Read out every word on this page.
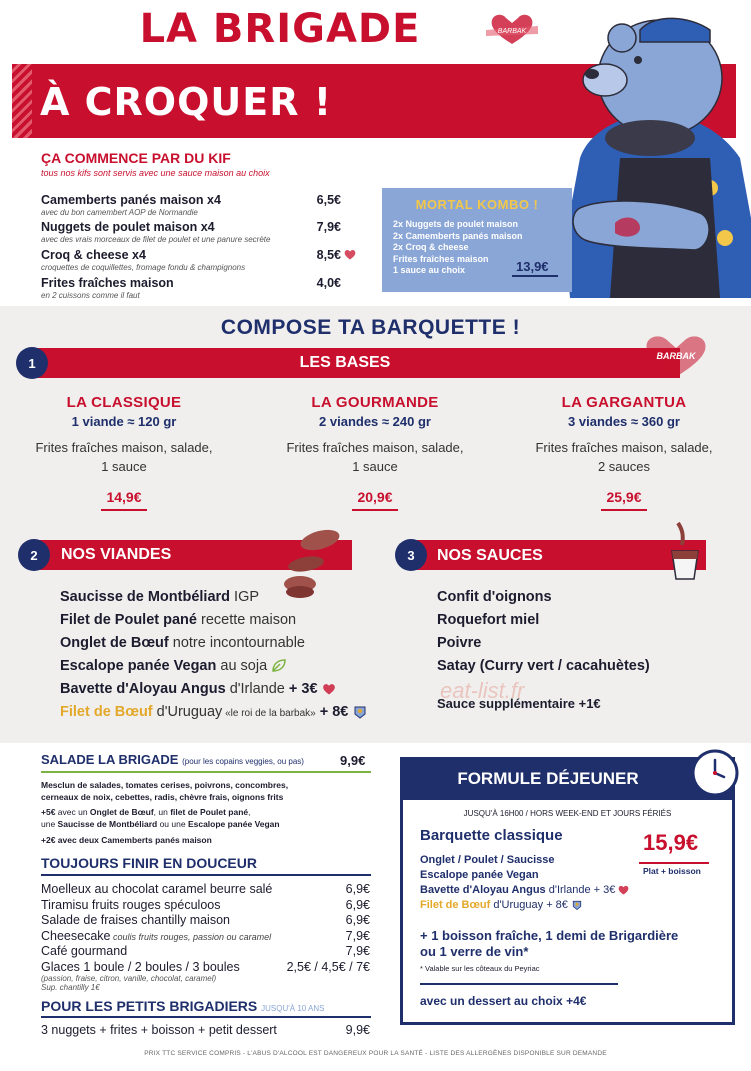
LA BRIGADE	BARBAK
À CROQUER !
ÇA COMMENCE PAR DU KIF
tous nos kifs sont servis avec une sauce maison au choix
Camemberts panés maison x4
avec du bon camembert AOP de Normandie
6,5€
Nuggets de poulet maison x4
avec des vrais morceaux de filet de poulet et une panure secrète
7,9€
Croq & cheese x4
croquettes de coquillettes, fromage fondu & champignons
8,5€
Frites fraîches maison
en 2 cuissons comme il faut
4,0€
MORTAL KOMBO !
2x Nuggets de poulet maison
2x Camemberts panés maison
2x Croq & cheese
Frites fraîches maison
1 sauce au choix	13,9€
COMPOSE TA BARQUETTE !
1	LES BASES	BARBAK
LA CLASSIQUE
1 viande ≈ 120 gr
Frites fraîches maison, salade,
1 sauce
14,9€
LA GOURMANDE
2 viandes ≈ 240 gr
Frites fraîches maison, salade,
1 sauce
20,9€
LA GARGANTUA
3 viandes ≈ 360 gr
Frites fraîches maison, salade,
2 sauces
25,9€
2	NOS VIANDES
Saucisse de Montbéliard IGP
Filet de Poulet pané recette maison
Onglet de Bœuf notre incontournable
Escalope panée Vegan au soja
Bavette d'Aloyau Angus d'Irlande + 3€
Filet de Bœuf d'Uruguay «le roi de la barbak» + 8€
3	NOS SAUCES
Confit d'oignons
Roquefort miel
Poivre
Satay (Curry vert / cacahuètes)
Sauce supplémentaire +1€
eat-list.fr
SALADE LA BRIGADE (pour les copains veggies, ou pas)	9,9€
Mesclun de salades, tomates cerises, poivrons, concombres,
cerneaux de noix, cebettes, radis, chèvre frais, oignons frits
+5€ avec un Onglet de Bœuf, un filet de Poulet pané,
une Saucisse de Montbéliard ou une Escalope panée Vegan
+2€ avec deux Camemberts panés maison
TOUJOURS FINIR EN DOUCEUR
Moelleux au chocolat caramel beurre salé	6,9€
Tiramisu fruits rouges spéculoos	6,9€
Salade de fraises chantilly maison	6,9€
Cheesecake coulis fruits rouges, passion ou caramel	7,9€
Café gourmand	7,9€
Glaces 1 boule / 2 boules / 3 boules	2,5€ / 4,5€ / 7€
(passion, fraise, citron, vanille, chocolat, caramel)
Sup. chantilly 1€
POUR LES PETITS BRIGADIERS JUSQU'À 10 ANS
3 nuggets + frites + boisson + petit dessert	9,9€
FORMULE DÉJEUNER
JUSQU'À 16H00 / HORS WEEK-END ET JOURS FÉRIÉS
Barquette classique	15,9€
Plat + boisson
Onglet / Poulet / Saucisse
Escalope panée Vegan
Bavette d'Aloyau Angus d'Irlande + 3€
Filet de Bœuf d'Uruguay + 8€
+ 1 boisson fraîche, 1 demi de Brigardière
ou 1 verre de vin*
* Valable sur les côteaux du Peyriac
avec un dessert au choix +4€
PRIX TTC SERVICE COMPRIS - L'ABUS D'ALCOOL EST DANGEREUX POUR LA SANTÉ - LISTE DES ALLERGÈNES DISPONIBLE SUR DEMANDE
